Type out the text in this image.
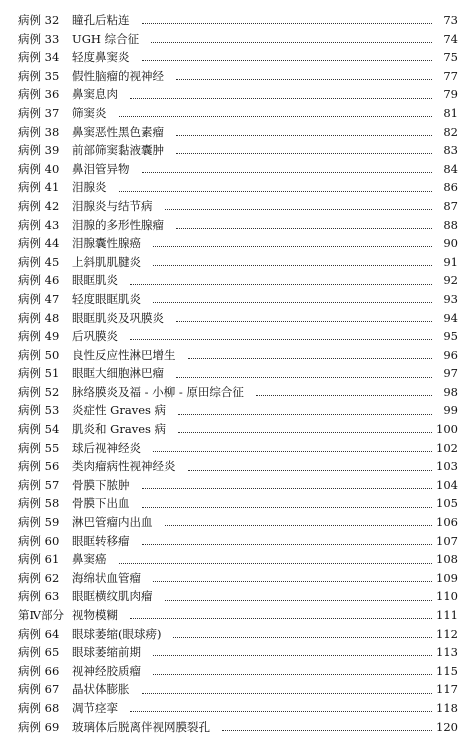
病例 32	瞳孔后粘连	73
病例 33	UGH 综合征	74
病例 34	轻度鼻窦炎	75
病例 35	假性脑瘤的视神经	77
病例 36	鼻窦息肉	79
病例 37	筛窦炎	81
病例 38	鼻窦恶性黑色素瘤	82
病例 39	前部筛窦黏液囊肿	83
病例 40	鼻泪管异物	84
病例 41	泪腺炎	86
病例 42	泪腺炎与结节病	87
病例 43	泪腺的多形性腺瘤	88
病例 44	泪腺囊性腺癌	90
病例 45	上斜肌肌腱炎	91
病例 46	眼眶肌炎	92
病例 47	轻度眼眶肌炎	93
病例 48	眼眶肌炎及巩膜炎	94
病例 49	后巩膜炎	95
病例 50	良性反应性淋巴增生	96
病例 51	眼眶大细胞淋巴瘤	97
病例 52	脉络膜炎及福 - 小柳 - 原田综合征	98
病例 53	炎症性 Graves 病	99
病例 54	肌炎和 Graves 病	100
病例 55	球后视神经炎	102
病例 56	类肉瘤病性视神经炎	103
病例 57	骨膜下脓肿	104
病例 58	骨膜下出血	105
病例 59	淋巴管瘤内出血	106
病例 60	眼眶转移瘤	107
病例 61	鼻窦癌	108
病例 62	海绵状血管瘤	109
病例 63	眼眶横纹肌肉瘤	110
第Ⅳ部分 视物模糊	111
病例 64	眼球萎缩(眼球痨)	112
病例 65	眼球萎缩前期	113
病例 66	视神经胶质瘤	115
病例 67	晶状体膨胀	117
病例 68	凋节痉挛	118
病例 69	玻璃体后脱离伴视网膜裂孔	120
